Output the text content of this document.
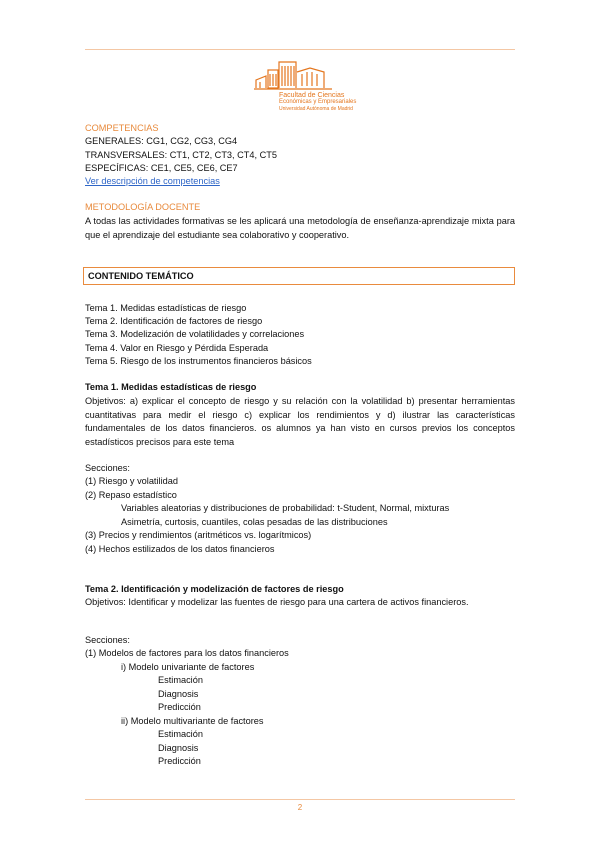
Facultad de Ciencias
Económicas y Empresariales
Universidad Autónoma de Madrid
COMPETENCIAS
GENERALES: CG1, CG2, CG3, CG4
TRANSVERSALES: CT1, CT2, CT3, CT4, CT5
ESPECÍFICAS: CE1, CE5, CE6, CE7
Ver descripción de competencias
METODOLOGÍA DOCENTE
A todas las actividades formativas se les aplicará una metodología de enseñanza-aprendizaje mixta para que el aprendizaje del estudiante sea colaborativo y cooperativo.
CONTENIDO TEMÁTICO
Tema 1. Medidas estadísticas de riesgo
Tema 2. Identificación de factores de riesgo
Tema 3. Modelización de volatilidades y correlaciones
Tema 4. Valor en Riesgo y Pérdida Esperada
Tema 5. Riesgo de los instrumentos financieros básicos
Tema 1. Medidas estadísticas de riesgo
Objetivos: a) explicar el concepto de riesgo y su relación con la volatilidad b) presentar herramientas cuantitativas para medir el riesgo c) explicar los rendimientos y d) ilustrar las características fundamentales de los datos financieros. os alumnos ya han visto en cursos previos los conceptos estadísticos precisos para este tema
Secciones:
(1) Riesgo y volatilidad
(2) Repaso estadístico
Variables aleatorias y distribuciones de probabilidad: t-Student, Normal, mixturas
Asimetría, curtosis, cuantiles, colas pesadas de las distribuciones
(3) Precios y rendimientos (aritméticos vs. logarítmicos)
(4) Hechos estilizados de los datos financieros
Tema 2. Identificación y modelización de factores de riesgo
Objetivos: Identificar y modelizar las fuentes de riesgo para una cartera de activos financieros.
Secciones:
(1) Modelos de factores para los datos financieros
i) Modelo univariante de factores
Estimación
Diagnosis
Predicción
ii) Modelo multivariante de factores
Estimación
Diagnosis
Predicción
2
